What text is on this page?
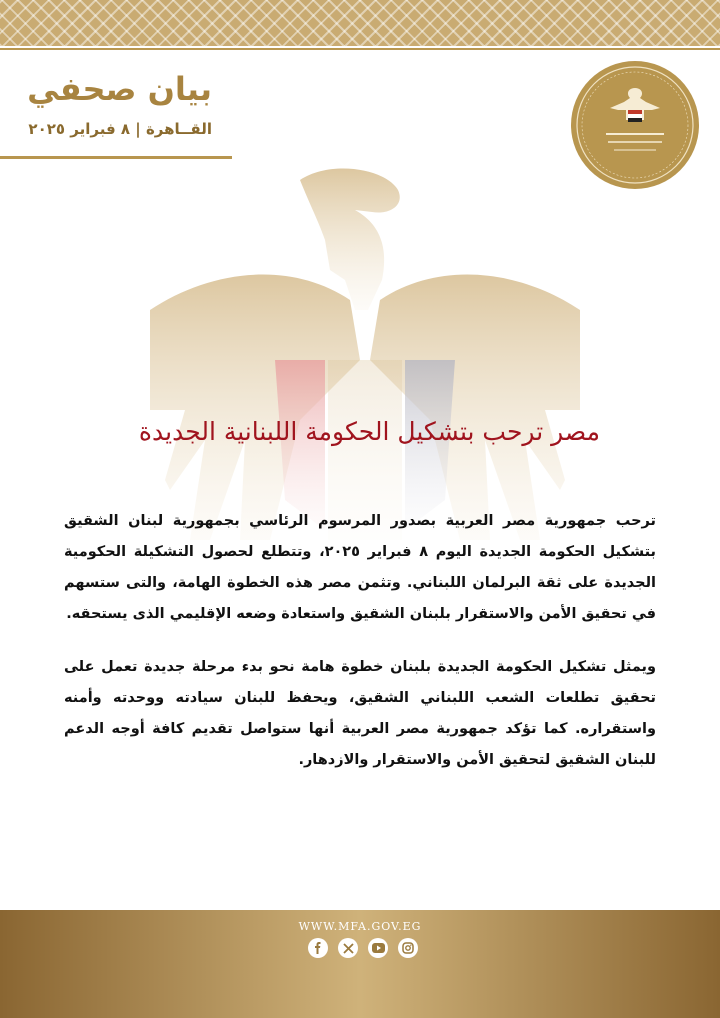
بيان صحفي
القــاهرة | ٨ فبراير ٢٠٢٥
مصر ترحب بتشكيل الحكومة اللبنانية الجديدة

ترحب جمهورية مصر العربية بصدور المرسوم الرئاسي بجمهورية لبنان الشقيق بتشكيل الحكومة الجديدة اليوم ٨ فبراير ٢٠٢٥، وتتطلع لحصول التشكيلة الحكومية الجديدة على ثقة البرلمان اللبناني. وتثمن مصر هذه الخطوة الهامة، والتى ستسهم في تحقيق الأمن والاستقرار بلبنان الشقيق واستعادة وضعه الإقليمي الذى يستحقه.

ويمثل تشكيل الحكومة الجديدة بلبنان خطوة هامة نحو بدء مرحلة جديدة تعمل على تحقيق تطلعات الشعب اللبناني الشقيق، ويحفظ للبنان سيادته ووحدته وأمنه واستقراره. كما تؤكد جمهورية مصر العربية أنها ستواصل تقديم كافة أوجه الدعم للبنان الشقيق لتحقيق الأمن والاستقرار والازدهار.

WWW.MFA.GOV.EG
